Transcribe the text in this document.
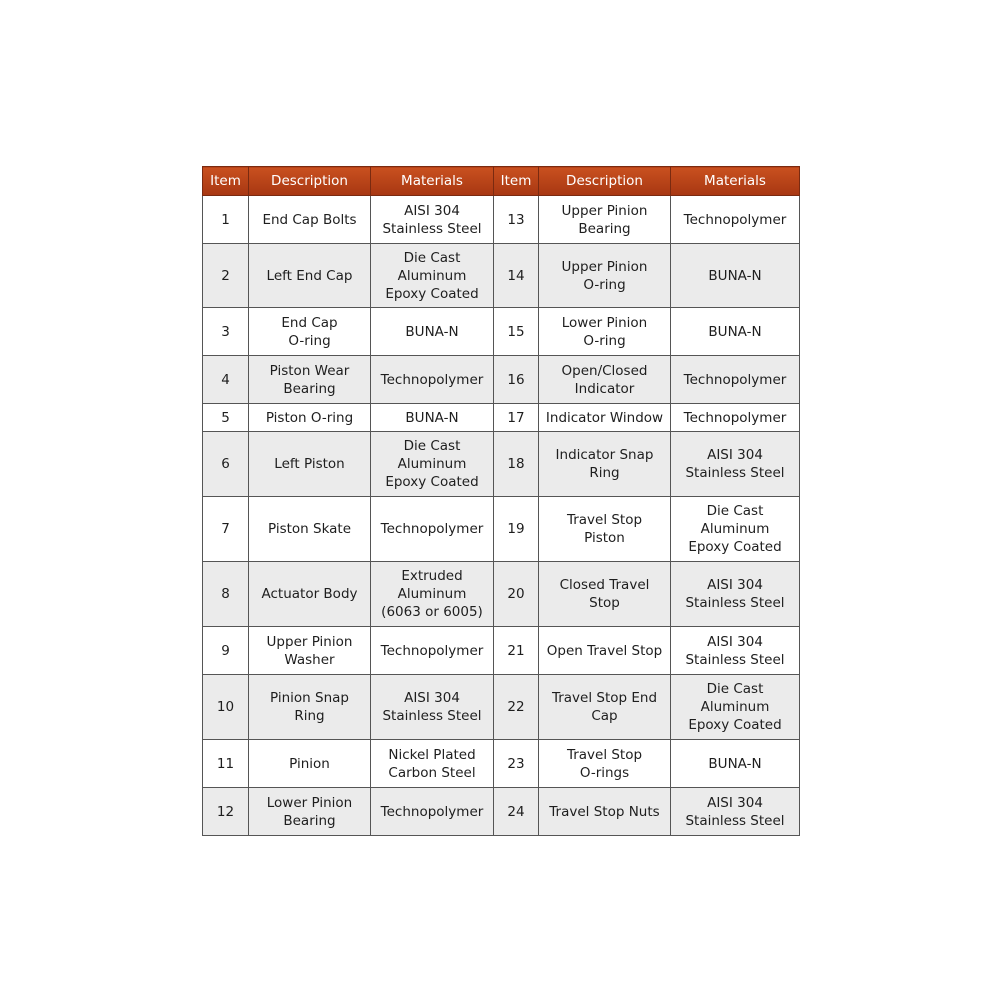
Item	Description	Materials	Item	Description	Materials

1	End Cap Bolts	AISI 304
Stainless Steel	13	Upper Pinion
Bearing	Technopolymer

2	Left End Cap	Die Cast
Aluminum
Epoxy Coated	14	Upper Pinion
O-ring	BUNA-N

3	End Cap
O-ring	BUNA-N	15	Lower Pinion
O-ring	BUNA-N

4	Piston Wear
Bearing	Technopolymer	16	Open/Closed
Indicator	Technopolymer

5	Piston O-ring	BUNA-N	17	Indicator Window	Technopolymer

6	Left Piston	Die Cast
Aluminum
Epoxy Coated	18	Indicator Snap
Ring	AISI 304
Stainless Steel

7	Piston Skate	Technopolymer	19	Travel Stop
Piston	Die Cast
Aluminum
Epoxy Coated

8	Actuator Body	Extruded
Aluminum
(6063 or 6005)	20	Closed Travel
Stop	AISI 304
Stainless Steel

9	Upper Pinion
Washer	Technopolymer	21	Open Travel Stop	AISI 304
Stainless Steel

10	Pinion Snap
Ring	AISI 304
Stainless Steel	22	Travel Stop End
Cap	Die Cast
Aluminum
Epoxy Coated

11	Pinion	Nickel Plated
Carbon Steel	23	Travel Stop
O-rings	BUNA-N

12	Lower Pinion
Bearing	Technopolymer	24	Travel Stop Nuts	AISI 304
Stainless Steel
